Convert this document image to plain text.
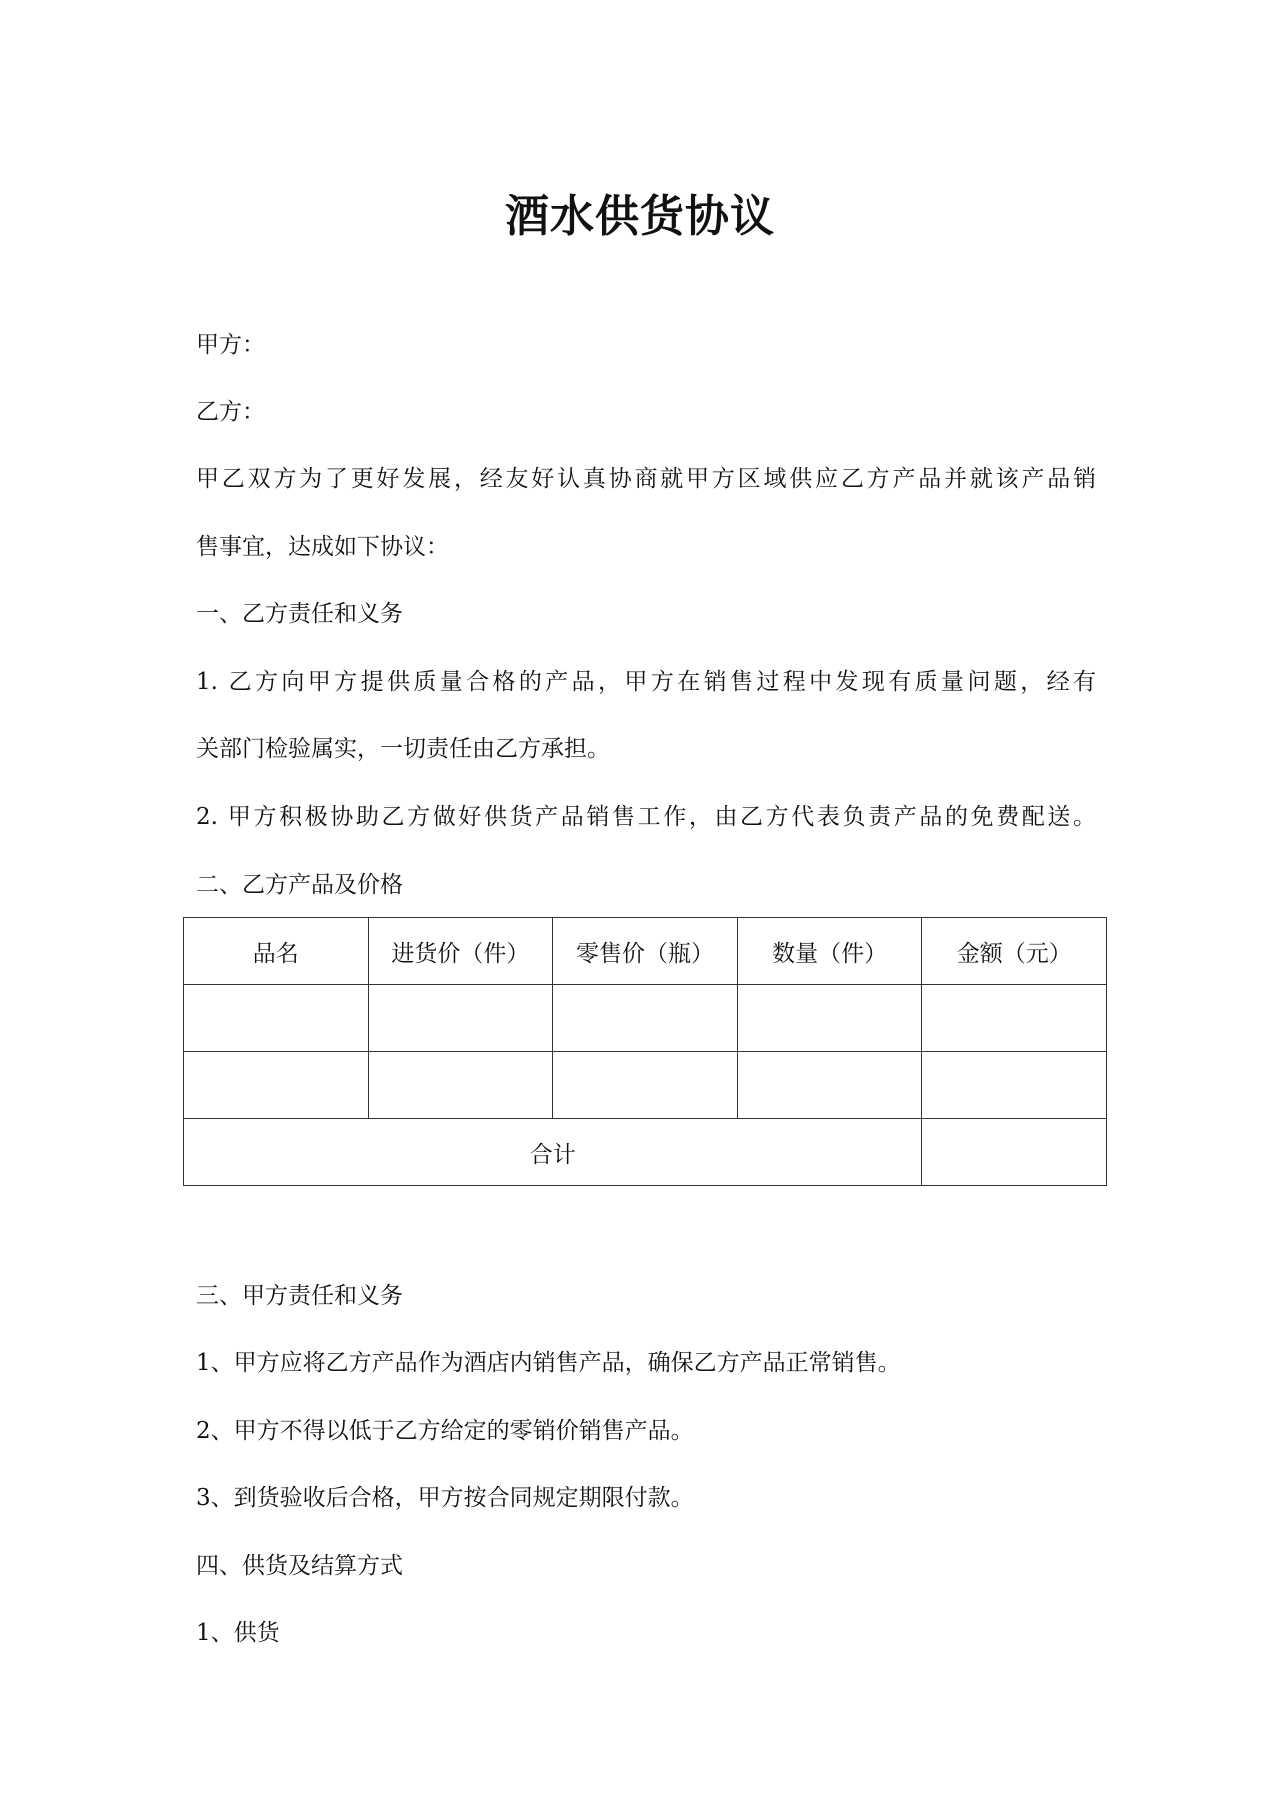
酒水供货协议
甲方：
乙方：
甲乙双方为了更好发展，经友好认真协商就甲方区域供应乙方产品并就该产品销
售事宜，达成如下协议：
一、乙方责任和义务
1. 乙方向甲方提供质量合格的产品，甲方在销售过程中发现有质量问题，经有
关部门检验属实，一切责任由乙方承担。
2. 甲方积极协助乙方做好供货产品销售工作，由乙方代表负责产品的免费配送。
二、乙方产品及价格
品名	进货价（件）	零售价（瓶）	数量（件）	金额（元）

合计				
三、甲方责任和义务
1、甲方应将乙方产品作为酒店内销售产品，确保乙方产品正常销售。
2、甲方不得以低于乙方给定的零销价销售产品。
3、到货验收后合格，甲方按合同规定期限付款。
四、供货及结算方式
1、供货
